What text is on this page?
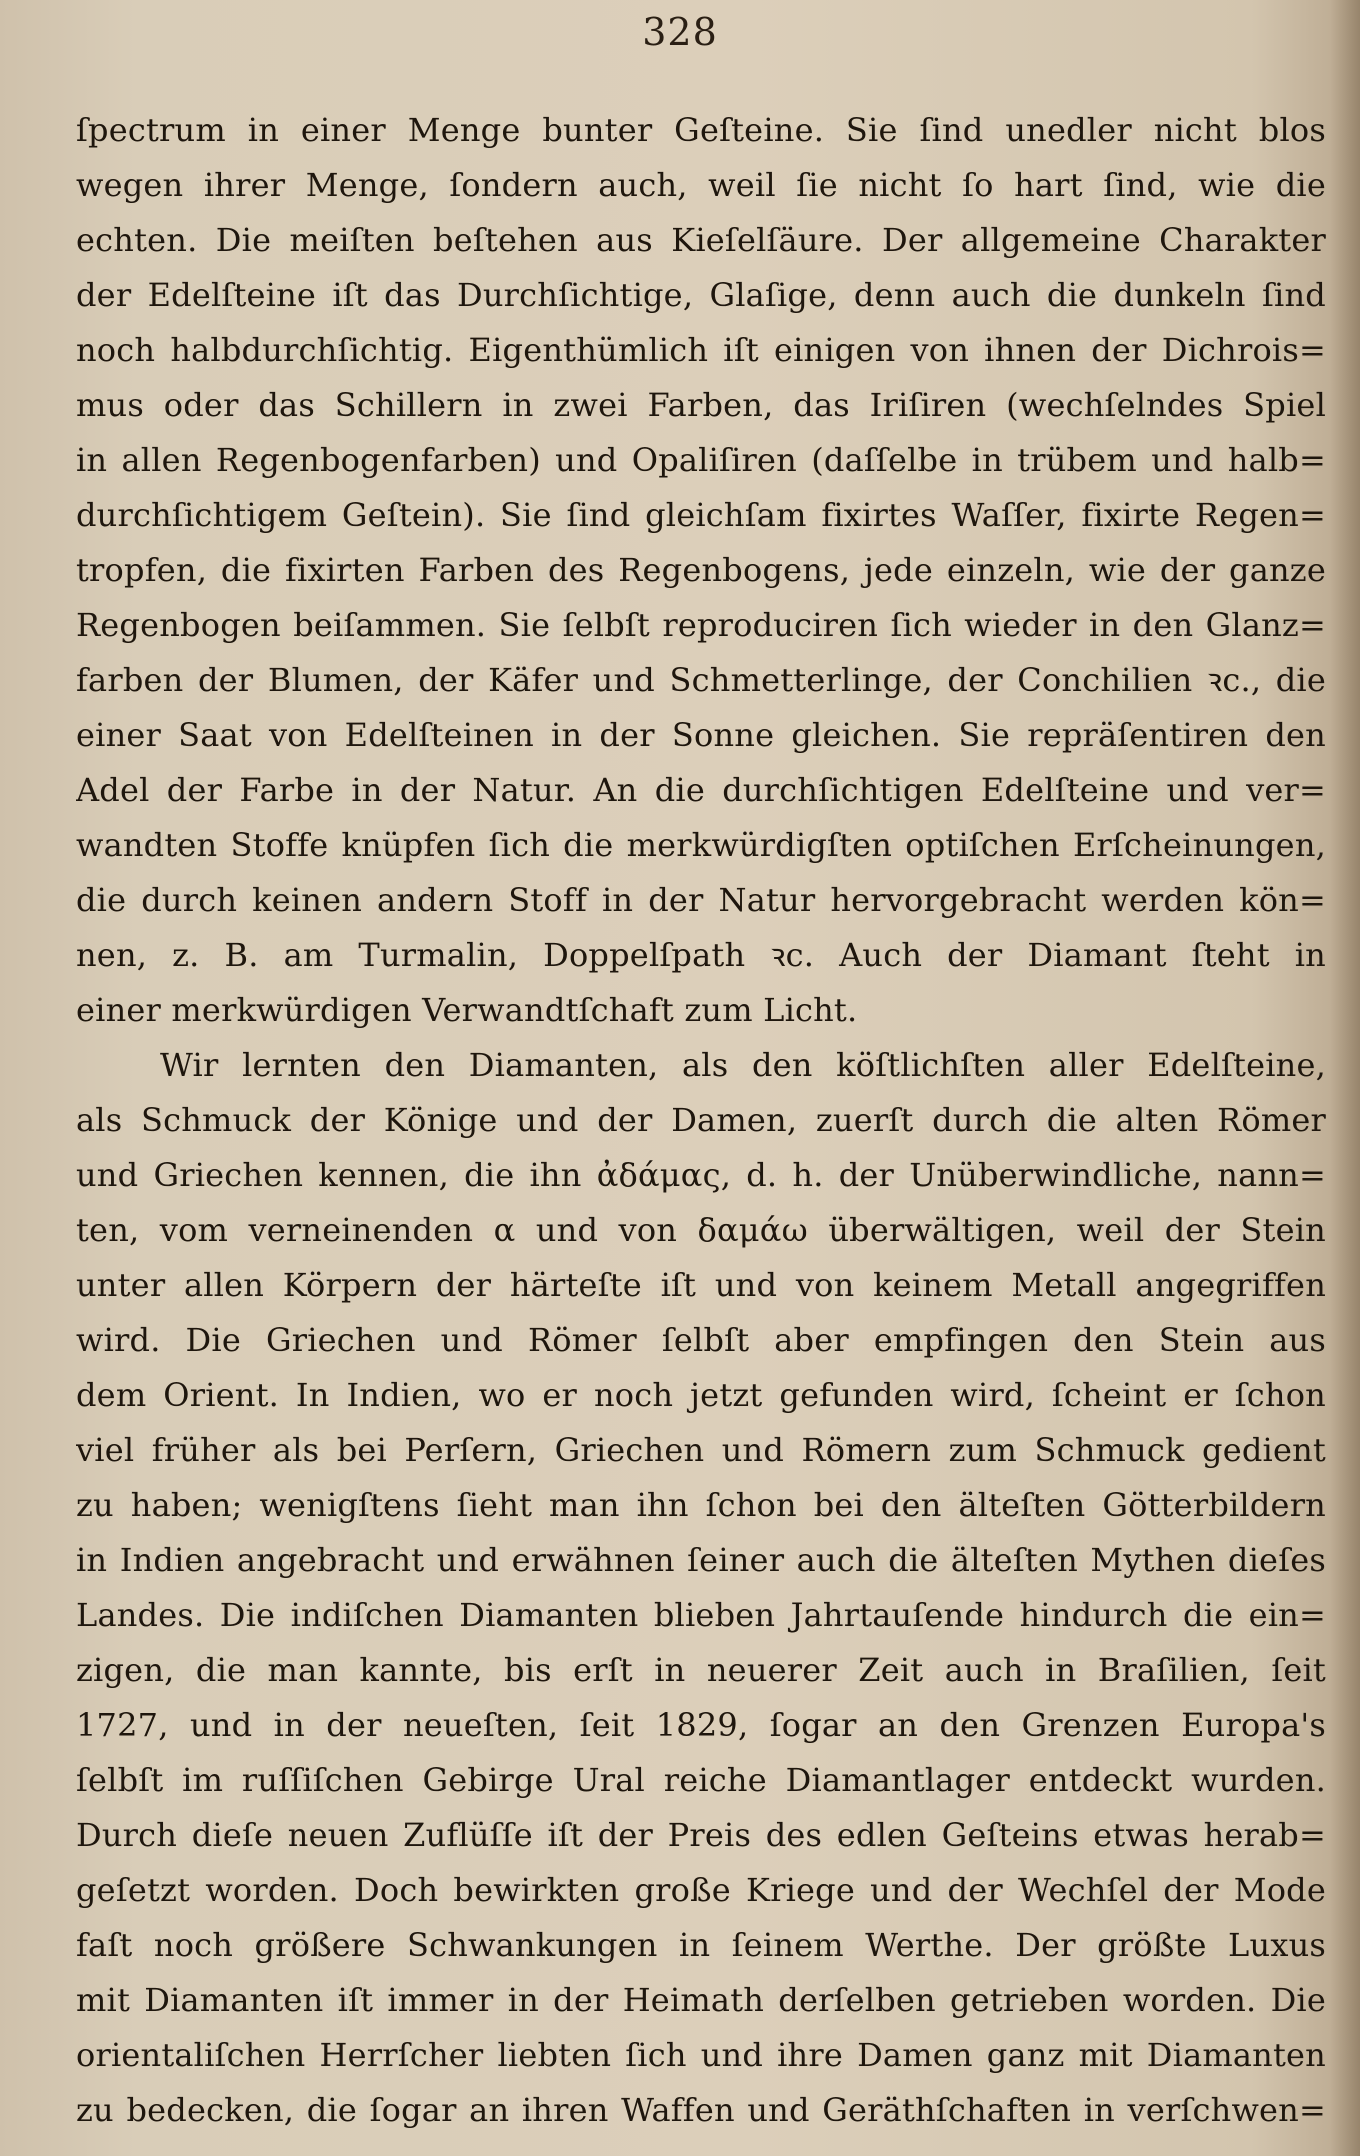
328
ſpectrum in einer Menge bunter Geſteine. Sie ſind unedler nicht blos
wegen ihrer Menge, ſondern auch, weil ſie nicht ſo hart ſind, wie die
echten. Die meiſten beſtehen aus Kieſelſäure. Der allgemeine Charakter
der Edelſteine iſt das Durchſichtige, Glaſige, denn auch die dunkeln ſind
noch halbdurchſichtig. Eigenthümlich iſt einigen von ihnen der Dichrois=
mus oder das Schillern in zwei Farben, das Iriſiren (wechſelndes Spiel
in allen Regenbogenfarben) und Opaliſiren (daſſelbe in trübem und halb=
durchſichtigem Geſtein). Sie ſind gleichſam fixirtes Waſſer, fixirte Regen=
tropfen, die fixirten Farben des Regenbogens, jede einzeln, wie der ganze
Regenbogen beiſammen. Sie ſelbſt reproduciren ſich wieder in den Glanz=
farben der Blumen, der Käfer und Schmetterlinge, der Conchilien ꝛc., die
einer Saat von Edelſteinen in der Sonne gleichen. Sie repräſentiren den
Adel der Farbe in der Natur. An die durchſichtigen Edelſteine und ver=
wandten Stoffe knüpfen ſich die merkwürdigſten optiſchen Erſcheinungen,
die durch keinen andern Stoff in der Natur hervorgebracht werden kön=
nen, z. B. am Turmalin, Doppelſpath ꝛc. Auch der Diamant ſteht in
einer merkwürdigen Verwandtſchaft zum Licht.
Wir lernten den Diamanten, als den köſtlichſten aller Edelſteine,
als Schmuck der Könige und der Damen, zuerſt durch die alten Römer
und Griechen kennen, die ihn ἀδάμας, d. h. der Unüberwindliche, nann=
ten, vom verneinenden α und von δαμάω überwältigen, weil der Stein
unter allen Körpern der härteſte iſt und von keinem Metall angegriffen
wird. Die Griechen und Römer ſelbſt aber empfingen den Stein aus
dem Orient. In Indien, wo er noch jetzt gefunden wird, ſcheint er ſchon
viel früher als bei Perſern, Griechen und Römern zum Schmuck gedient
zu haben; wenigſtens ſieht man ihn ſchon bei den älteſten Götterbildern
in Indien angebracht und erwähnen ſeiner auch die älteſten Mythen dieſes
Landes. Die indiſchen Diamanten blieben Jahrtauſende hindurch die ein=
zigen, die man kannte, bis erſt in neuerer Zeit auch in Braſilien, ſeit
1727, und in der neueſten, ſeit 1829, ſogar an den Grenzen Europa's
ſelbſt im ruſſiſchen Gebirge Ural reiche Diamantlager entdeckt wurden.
Durch dieſe neuen Zuflüſſe iſt der Preis des edlen Geſteins etwas herab=
geſetzt worden. Doch bewirkten große Kriege und der Wechſel der Mode
faſt noch größere Schwankungen in ſeinem Werthe. Der größte Luxus
mit Diamanten iſt immer in der Heimath derſelben getrieben worden. Die
orientaliſchen Herrſcher liebten ſich und ihre Damen ganz mit Diamanten
zu bedecken, die ſogar an ihren Waffen und Geräthſchaften in verſchwen=
